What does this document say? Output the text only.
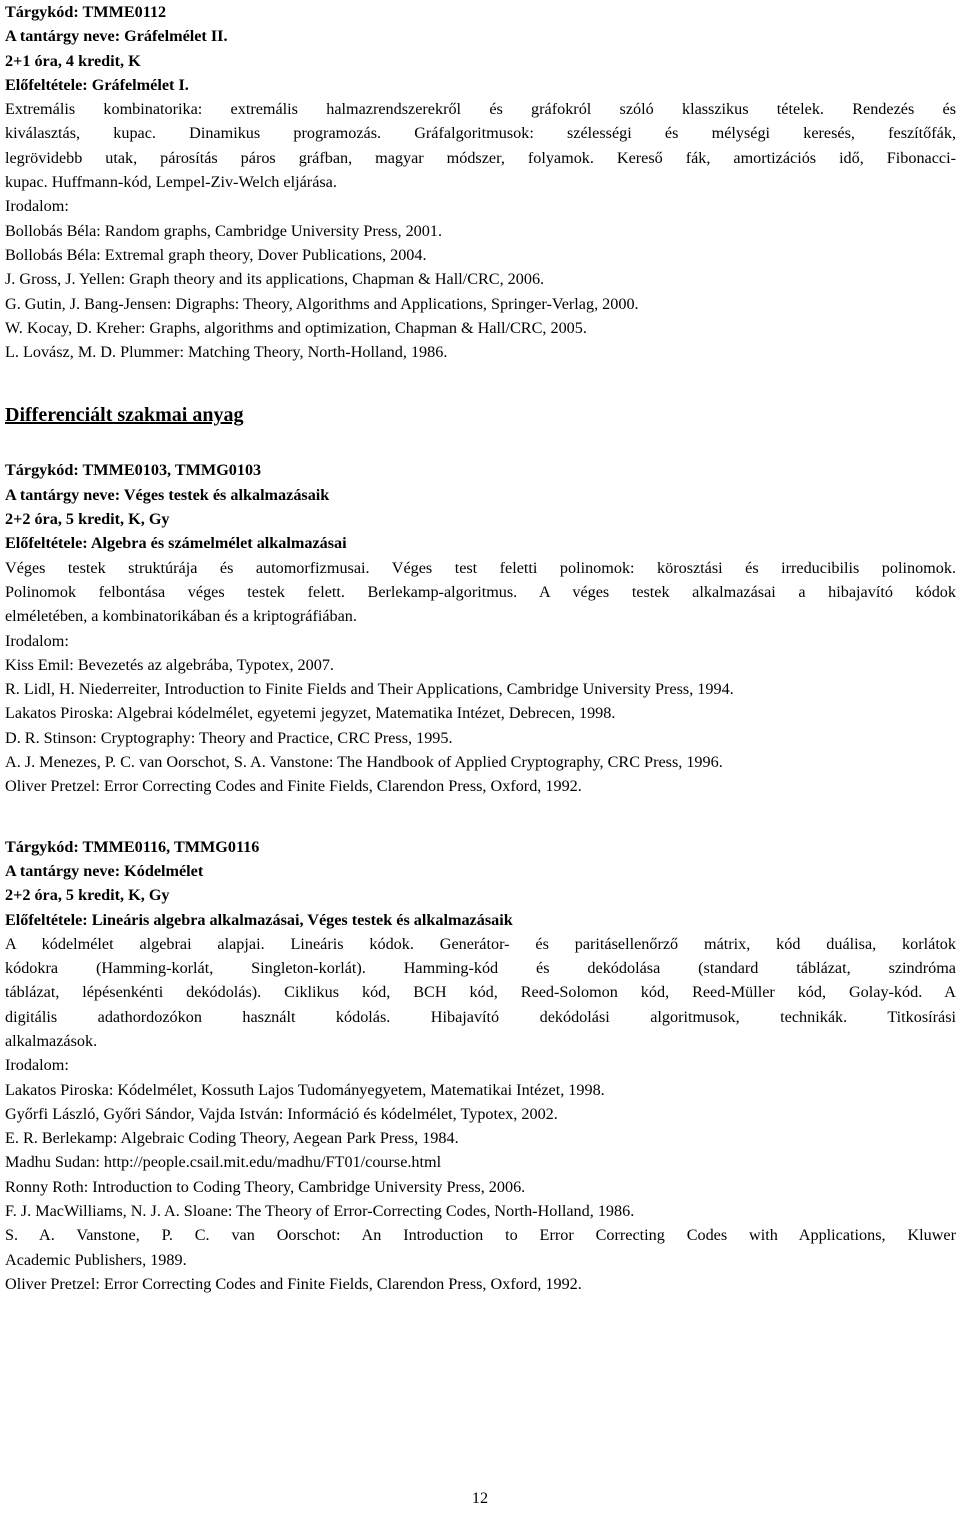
Tárgykód: TMME0112
A tantárgy neve: Gráfelmélet II.
2+1 óra, 4 kredit, K
Előfeltétele: Gráfelmélet I.
Extremális kombinatorika: extremális halmazrendszerekről és gráfokról szóló klasszikus tételek. Rendezés és
kiválasztás, kupac. Dinamikus programozás. Gráfalgoritmusok: szélességi és mélységi keresés, feszítőfák,
legrövidebb utak, párosítás páros gráfban, magyar módszer, folyamok. Kereső fák, amortizációs idő, Fibonacci-
kupac. Huffmann-kód, Lempel-Ziv-Welch eljárása.
Irodalom:
Bollobás Béla: Random graphs, Cambridge University Press, 2001.
Bollobás Béla: Extremal graph theory, Dover Publications, 2004.
J. Gross, J. Yellen: Graph theory and its applications, Chapman & Hall/CRC, 2006.
G. Gutin, J. Bang-Jensen: Digraphs: Theory, Algorithms and Applications, Springer-Verlag, 2000.
W. Kocay, D. Kreher: Graphs, algorithms and optimization, Chapman & Hall/CRC, 2005.
L. Lovász, M. D. Plummer: Matching Theory, North-Holland, 1986.
Differenciált szakmai anyag
Tárgykód: TMME0103, TMMG0103
A tantárgy neve: Véges testek és alkalmazásaik
2+2 óra, 5 kredit, K, Gy
Előfeltétele: Algebra és számelmélet alkalmazásai
Véges testek struktúrája és automorfizmusai. Véges test feletti polinomok: körosztási és irreducibilis polinomok.
Polinomok felbontása véges testek felett. Berlekamp-algoritmus. A véges testek alkalmazásai a hibajavító kódok
elméletében, a kombinatorikában és a kriptográfiában.
Irodalom:
Kiss Emil: Bevezetés az algebrába, Typotex, 2007.
R. Lidl, H. Niederreiter, Introduction to Finite Fields and Their Applications, Cambridge University Press, 1994.
Lakatos Piroska: Algebrai kódelmélet, egyetemi jegyzet, Matematika Intézet, Debrecen, 1998.
D. R. Stinson: Cryptography: Theory and Practice, CRC Press, 1995.
A. J. Menezes, P. C. van Oorschot, S. A. Vanstone: The Handbook of Applied Cryptography, CRC Press, 1996.
Oliver Pretzel: Error Correcting Codes and Finite Fields, Clarendon Press, Oxford, 1992.
Tárgykód: TMME0116, TMMG0116
A tantárgy neve: Kódelmélet
2+2 óra, 5 kredit, K, Gy
Előfeltétele: Lineáris algebra alkalmazásai, Véges testek és alkalmazásaik
A kódelmélet algebrai alapjai. Lineáris kódok. Generátor- és paritásellenőrző mátrix, kód duálisa, korlátok
kódokra (Hamming-korlát, Singleton-korlát). Hamming-kód és dekódolása (standard táblázat, szindróma
táblázat, lépésenkénti dekódolás). Ciklikus kód, BCH kód, Reed-Solomon kód, Reed-Müller kód, Golay-kód. A
digitális adathordozókon használt kódolás. Hibajavító dekódolási algoritmusok, technikák. Titkosírási
alkalmazások.
Irodalom:
Lakatos Piroska: Kódelmélet, Kossuth Lajos Tudományegyetem, Matematikai Intézet, 1998.
Győrfi László, Győri Sándor, Vajda István: Információ és kódelmélet, Typotex, 2002.
E. R. Berlekamp: Algebraic Coding Theory, Aegean Park Press, 1984.
Madhu Sudan: http://people.csail.mit.edu/madhu/FT01/course.html
Ronny Roth: Introduction to Coding Theory, Cambridge University Press, 2006.
F. J. MacWilliams, N. J. A. Sloane: The Theory of Error-Correcting Codes, North-Holland, 1986.
S. A. Vanstone, P. C. van Oorschot: An Introduction to Error Correcting Codes with Applications, Kluwer
Academic Publishers, 1989.
Oliver Pretzel: Error Correcting Codes and Finite Fields, Clarendon Press, Oxford, 1992.
12
